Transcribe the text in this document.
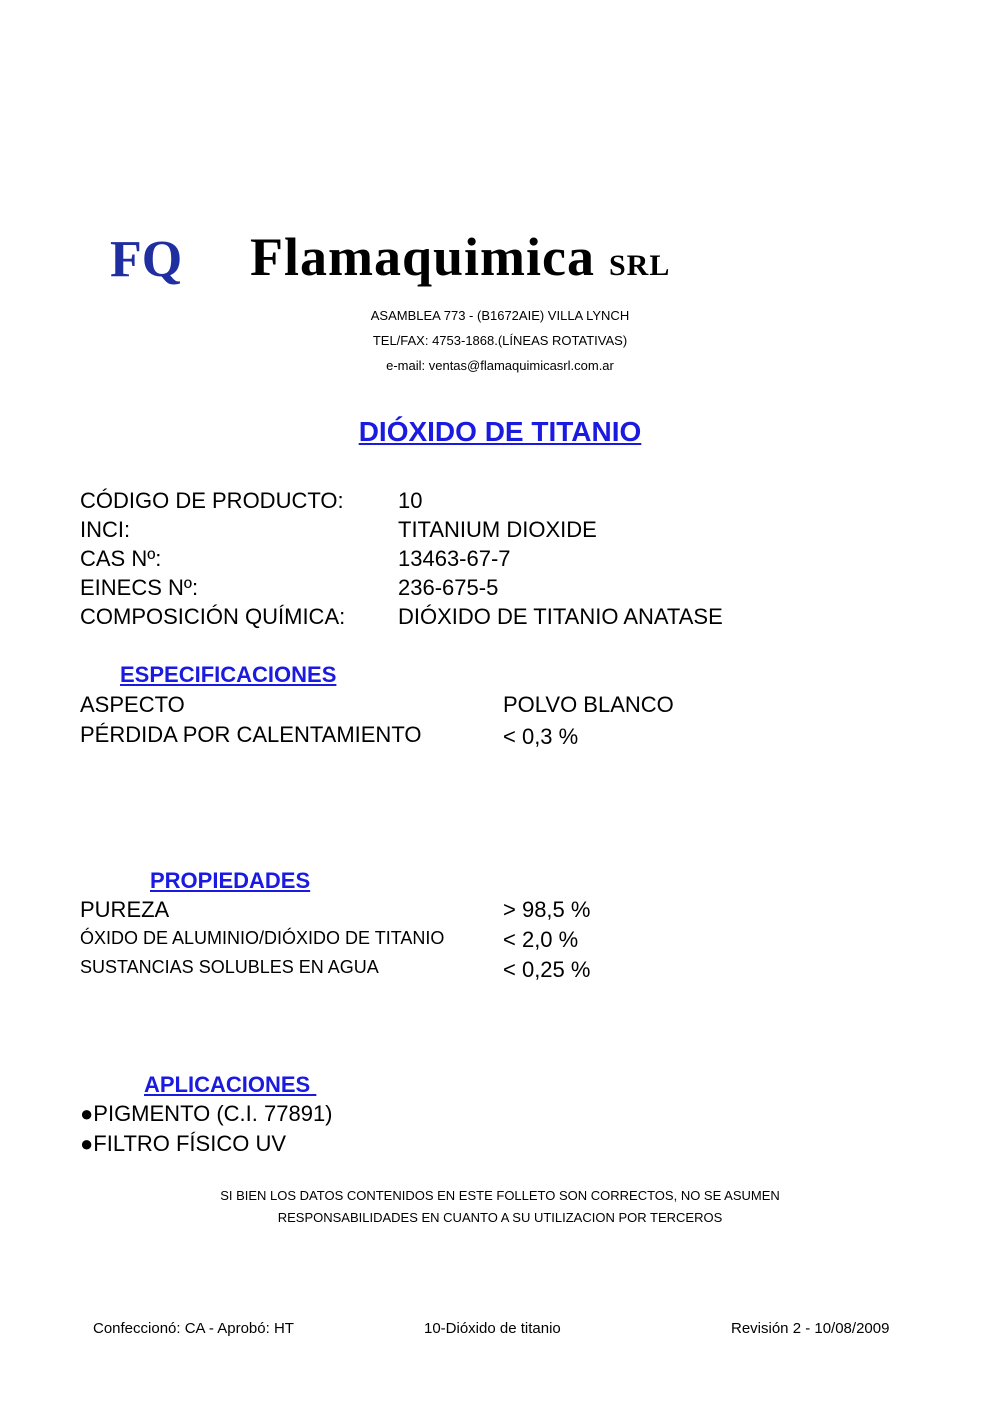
FQ Flamaquimica SRL
ASAMBLEA 773 - (B1672AIE) VILLA LYNCH
TEL/FAX: 4753-1868.(LÍNEAS ROTATIVAS)
e-mail: ventas@flamaquimicasrl.com.ar
DIÓXIDO DE TITANIO
CÓDIGO DE PRODUCTO: 10
INCI:	TITANIUM DIOXIDE
CAS Nº:	13463-67-7
EINECS Nº:	236-675-5
COMPOSICIÓN QUÍMICA: DIÓXIDO DE TITANIO ANATASE
ESPECIFICACIONES
ASPECTO	POLVO BLANCO
PÉRDIDA POR CALENTAMIENTO	< 0,3 %
PROPIEDADES
PUREZA	> 98,5 %
ÓXIDO DE ALUMINIO/DIÓXIDO DE TITANIO	< 2,0 %
SUSTANCIAS SOLUBLES EN AGUA	< 0,25 %
APLICACIONES
●PIGMENTO (C.I. 77891)
●FILTRO FÍSICO UV
SI BIEN LOS DATOS CONTENIDOS EN ESTE FOLLETO SON CORRECTOS, NO SE ASUMEN
RESPONSABILIDADES EN CUANTO A SU UTILIZACION POR TERCEROS
Confeccionó: CA - Aprobó: HT	10-Dióxido de titanio	Revisión 2 - 10/08/2009
